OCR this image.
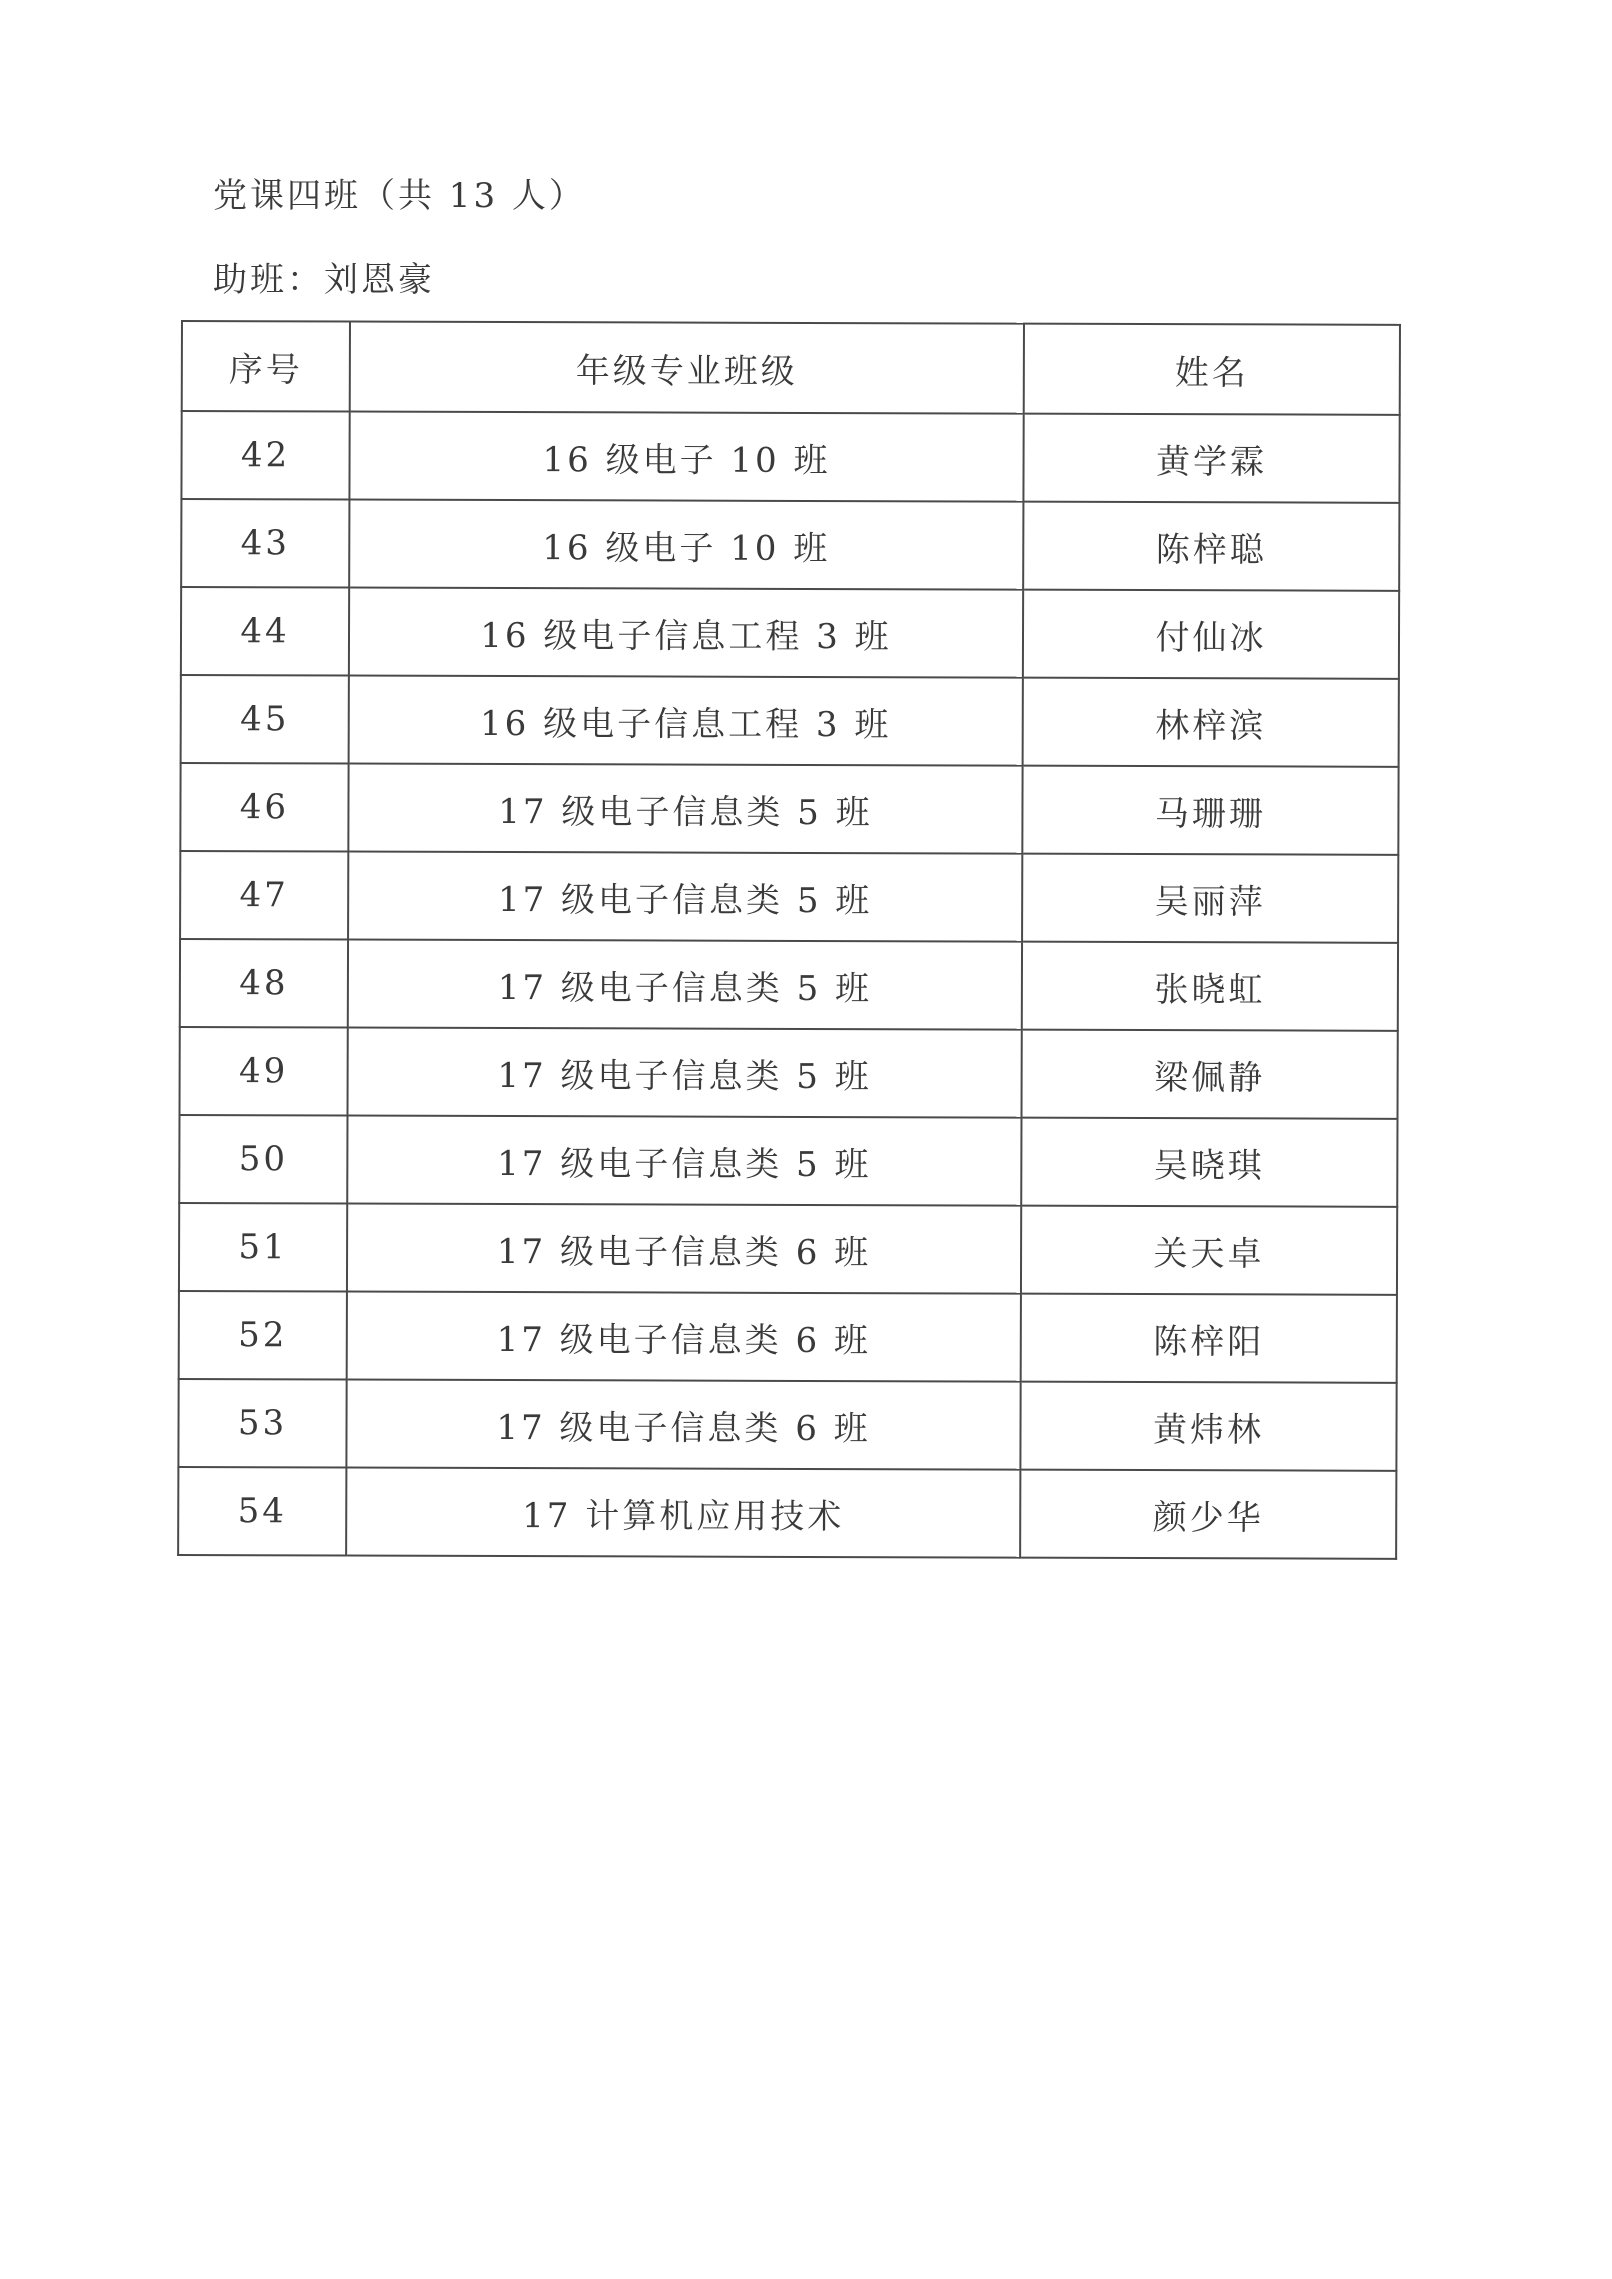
党课四班（共 13 人）
助班：刘恩豪
序号	年级专业班级	姓名
42	16 级电子 10 班	黄学霖
43	16 级电子 10 班	陈梓聪
44	16 级电子信息工程 3 班	付仙冰
45	16 级电子信息工程 3 班	林梓滨
46	17 级电子信息类 5 班	马珊珊
47	17 级电子信息类 5 班	吴丽萍
48	17 级电子信息类 5 班	张晓虹
49	17 级电子信息类 5 班	梁佩静
50	17 级电子信息类 5 班	吴晓琪
51	17 级电子信息类 6 班	关天卓
52	17 级电子信息类 6 班	陈梓阳
53	17 级电子信息类 6 班	黄炜林
54	17 计算机应用技术	颜少华
